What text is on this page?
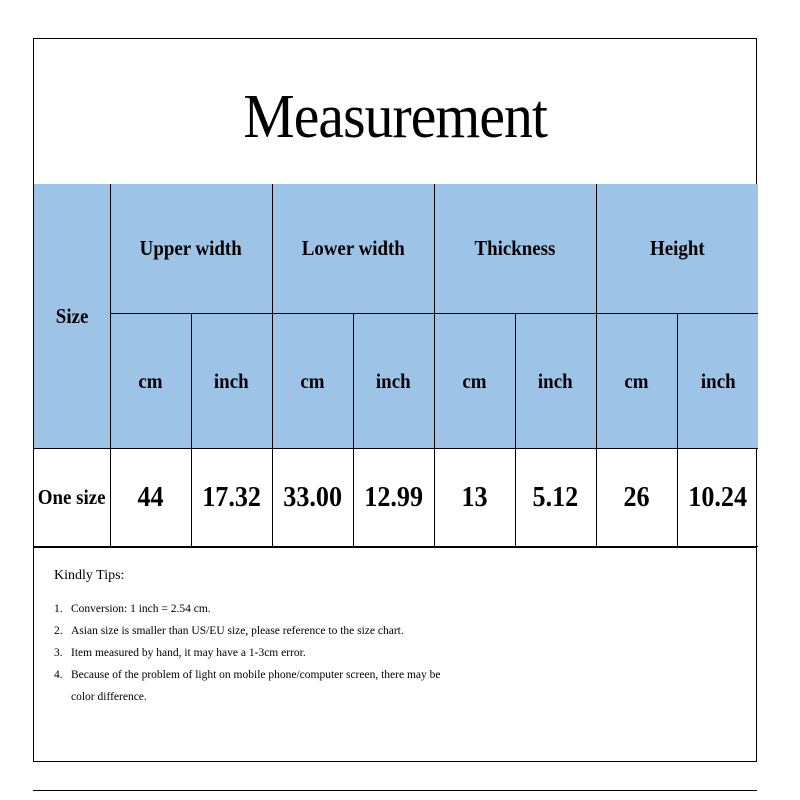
Measurement
Size	Upper width		Lower width		Thickness		Height	
	cm	inch	cm	inch	cm	inch	cm	inch
One size	44	17.32	33.00	12.99	13	5.12	26	10.24
Kindly Tips:
1. Conversion: 1 inch = 2.54 cm.
2. Asian size is smaller than US/EU size, please reference to the size chart.
3. Item measured by hand, it may have a 1-3cm error.
4. Because of the problem of light on mobile phone/computer screen, there may be color difference.
